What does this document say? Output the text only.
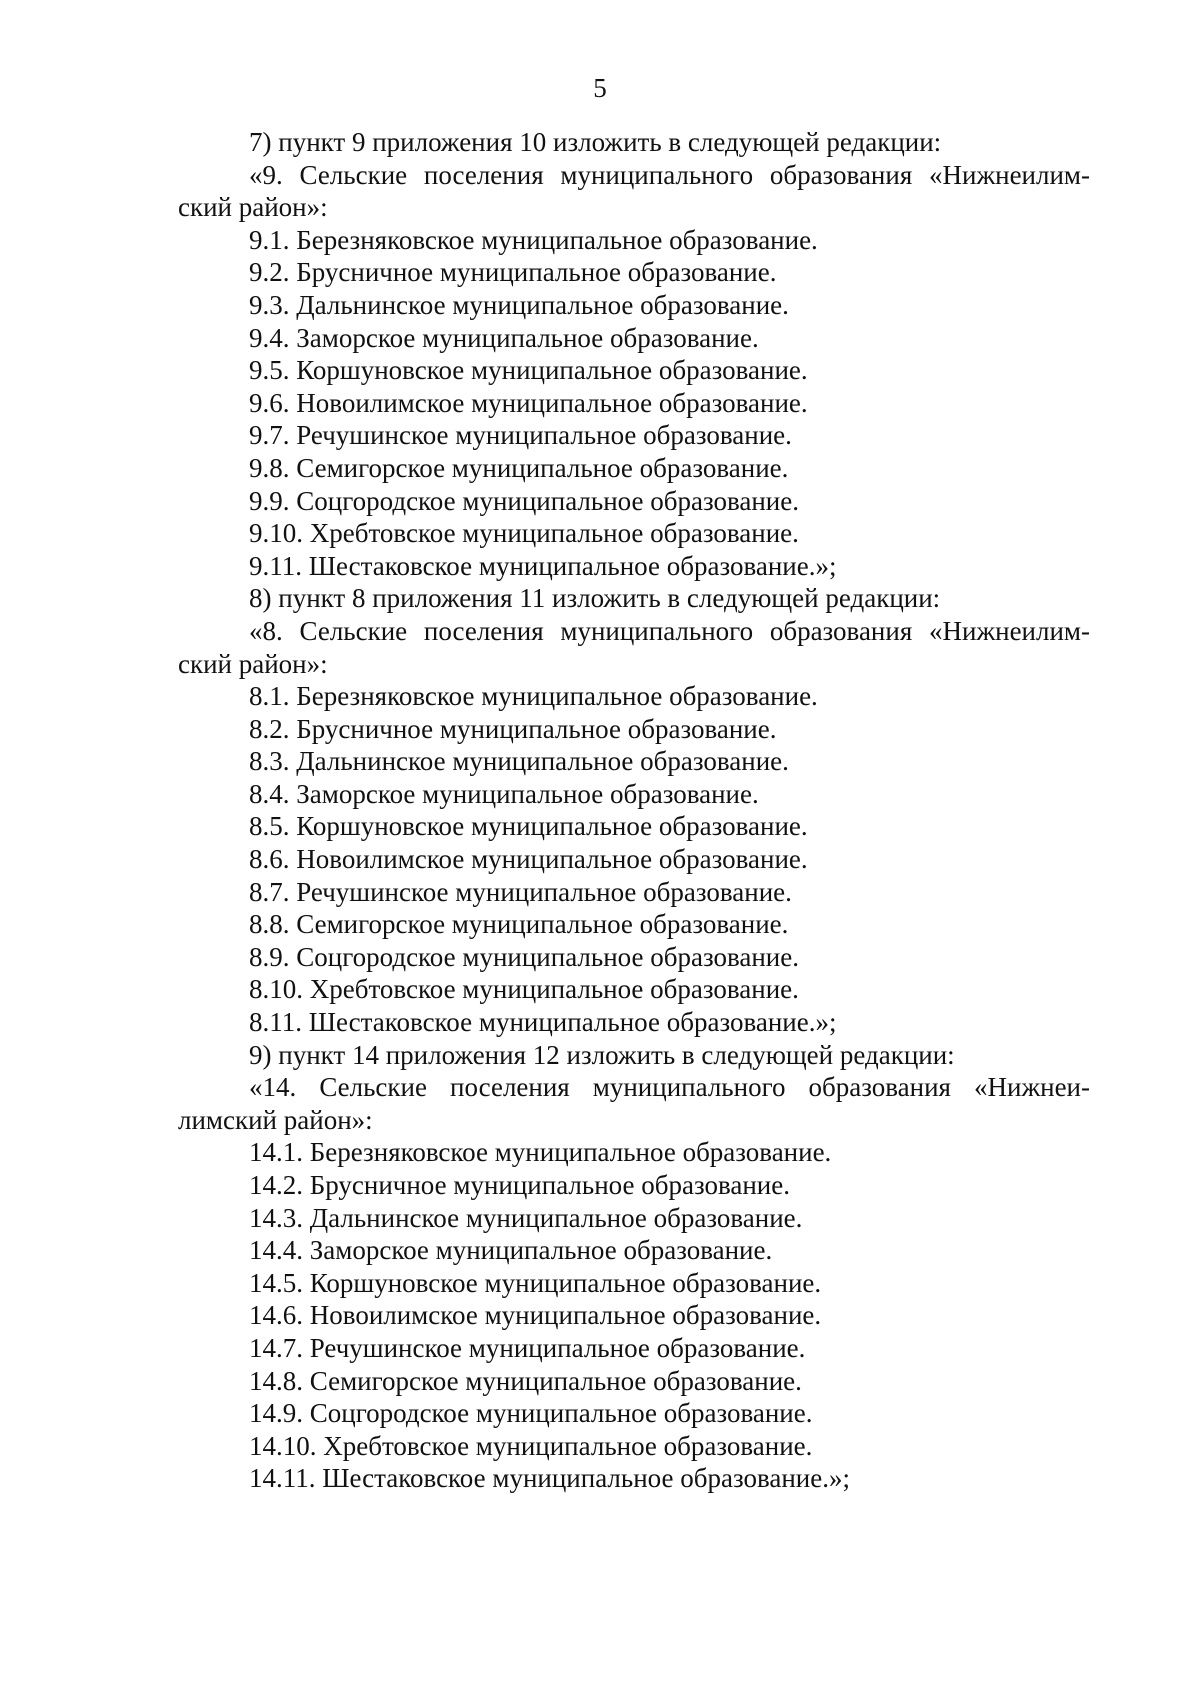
5
7) пункт 9 приложения 10 изложить в следующей редакции:
«9. Сельские поселения муниципального образования «Нижнеилим-
ский район»:
9.1. Березняковское муниципальное образование.
9.2. Брусничное муниципальное образование.
9.3. Дальнинское муниципальное образование.
9.4. Заморское муниципальное образование.
9.5. Коршуновское муниципальное образование.
9.6. Новоилимское муниципальное образование.
9.7. Речушинское муниципальное образование.
9.8. Семигорское муниципальное образование.
9.9. Соцгородское муниципальное образование.
9.10. Хребтовское муниципальное образование.
9.11. Шестаковское муниципальное образование.»;
8) пункт 8 приложения 11 изложить в следующей редакции:
«8. Сельские поселения муниципального образования «Нижнеилим-
ский район»:
8.1. Березняковское муниципальное образование.
8.2. Брусничное муниципальное образование.
8.3. Дальнинское муниципальное образование.
8.4. Заморское муниципальное образование.
8.5. Коршуновское муниципальное образование.
8.6. Новоилимское муниципальное образование.
8.7. Речушинское муниципальное образование.
8.8. Семигорское муниципальное образование.
8.9. Соцгородское муниципальное образование.
8.10. Хребтовское муниципальное образование.
8.11. Шестаковское муниципальное образование.»;
9) пункт 14 приложения 12 изложить в следующей редакции:
«14. Сельские поселения муниципального образования «Нижнеи-
лимский район»:
14.1. Березняковское муниципальное образование.
14.2. Брусничное муниципальное образование.
14.3. Дальнинское муниципальное образование.
14.4. Заморское муниципальное образование.
14.5. Коршуновское муниципальное образование.
14.6. Новоилимское муниципальное образование.
14.7. Речушинское муниципальное образование.
14.8. Семигорское муниципальное образование.
14.9. Соцгородское муниципальное образование.
14.10. Хребтовское муниципальное образование.
14.11. Шестаковское муниципальное образование.»;
